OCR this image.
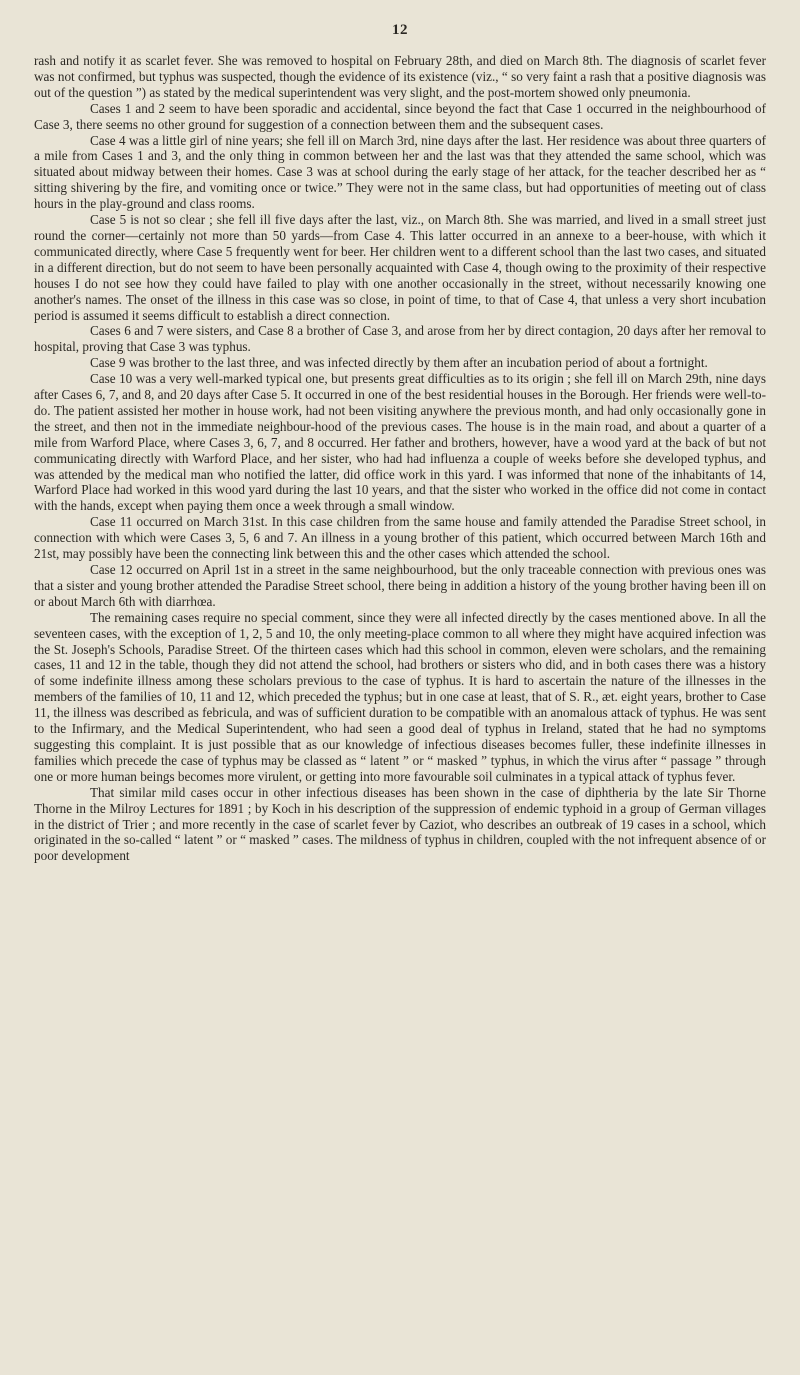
12

rash and notify it as scarlet fever. She was removed to hospital on February 28th, and died on March 8th. The diagnosis of scarlet fever was not confirmed, but typhus was suspected, though the evidence of its existence (viz., “ so very faint a rash that a positive diagnosis was out of the question ”) as stated by the medical superintendent was very slight, and the post-mortem showed only pneumonia.

Cases 1 and 2 seem to have been sporadic and accidental, since beyond the fact that Case 1 occurred in the neighbourhood of Case 3, there seems no other ground for suggestion of a connection between them and the subsequent cases.

Case 4 was a little girl of nine years; she fell ill on March 3rd, nine days after the last. Her residence was about three quarters of a mile from Cases 1 and 3, and the only thing in common between her and the last was that they attended the same school, which was situated about midway between their homes. Case 3 was at school during the early stage of her attack, for the teacher described her as “ sitting shivering by the fire, and vomiting once or twice.” They were not in the same class, but had opportunities of meeting out of class hours in the play-ground and class rooms.

Case 5 is not so clear ; she fell ill five days after the last, viz., on March 8th. She was married, and lived in a small street just round the corner—certainly not more than 50 yards—from Case 4. This latter occurred in an annexe to a beer-house, with which it communicated directly, where Case 5 frequently went for beer. Her children went to a different school than the last two cases, and situated in a different direction, but do not seem to have been personally acquainted with Case 4, though owing to the proximity of their respective houses I do not see how they could have failed to play with one another occasionally in the street, without necessarily knowing one another's names. The onset of the illness in this case was so close, in point of time, to that of Case 4, that unless a very short incubation period is assumed it seems difficult to establish a direct connection.

Cases 6 and 7 were sisters, and Case 8 a brother of Case 3, and arose from her by direct contagion, 20 days after her removal to hospital, proving that Case 3 was typhus.

Case 9 was brother to the last three, and was infected directly by them after an incubation period of about a fortnight.

Case 10 was a very well-marked typical one, but presents great difficulties as to its origin ; she fell ill on March 29th, nine days after Cases 6, 7, and 8, and 20 days after Case 5. It occurred in one of the best residential houses in the Borough. Her friends were well-to-do. The patient assisted her mother in house work, had not been visiting anywhere the previous month, and had only occasionally gone in the street, and then not in the immediate neighbour-hood of the previous cases. The house is in the main road, and about a quarter of a mile from Warford Place, where Cases 3, 6, 7, and 8 occurred. Her father and brothers, however, have a wood yard at the back of but not communicating directly with Warford Place, and her sister, who had had influenza a couple of weeks before she developed typhus, and was attended by the medical man who notified the latter, did office work in this yard. I was informed that none of the inhabitants of 14, Warford Place had worked in this wood yard during the last 10 years, and that the sister who worked in the office did not come in contact with the hands, except when paying them once a week through a small window.

Case 11 occurred on March 31st. In this case children from the same house and family attended the Paradise Street school, in connection with which were Cases 3, 5, 6 and 7. An illness in a young brother of this patient, which occurred between March 16th and 21st, may possibly have been the connecting link between this and the other cases which attended the school.

Case 12 occurred on April 1st in a street in the same neighbourhood, but the only traceable connection with previous ones was that a sister and young brother attended the Paradise Street school, there being in addition a history of the young brother having been ill on or about March 6th with diarrhœa.

The remaining cases require no special comment, since they were all infected directly by the cases mentioned above. In all the seventeen cases, with the exception of 1, 2, 5 and 10, the only meeting-place common to all where they might have acquired infection was the St. Joseph's Schools, Paradise Street. Of the thirteen cases which had this school in common, eleven were scholars, and the remaining cases, 11 and 12 in the table, though they did not attend the school, had brothers or sisters who did, and in both cases there was a history of some indefinite illness among these scholars previous to the case of typhus. It is hard to ascertain the nature of the illnesses in the members of the families of 10, 11 and 12, which preceded the typhus; but in one case at least, that of S. R., æt. eight years, brother to Case 11, the illness was described as febricula, and was of sufficient duration to be compatible with an anomalous attack of typhus. He was sent to the Infirmary, and the Medical Superintendent, who had seen a good deal of typhus in Ireland, stated that he had no symptoms suggesting this complaint. It is just possible that as our knowledge of infectious diseases becomes fuller, these indefinite illnesses in families which precede the case of typhus may be classed as “ latent ” or “ masked ” typhus, in which the virus after “ passage ” through one or more human beings becomes more virulent, or getting into more favourable soil culminates in a typical attack of typhus fever.

That similar mild cases occur in other infectious diseases has been shown in the case of diphtheria by the late Sir Thorne Thorne in the Milroy Lectures for 1891 ; by Koch in his description of the suppression of endemic typhoid in a group of German villages in the district of Trier ; and more recently in the case of scarlet fever by Caziot, who describes an outbreak of 19 cases in a school, which originated in the so-called “ latent ” or “ masked ” cases. The mildness of typhus in children, coupled with the not infrequent absence of or poor development
